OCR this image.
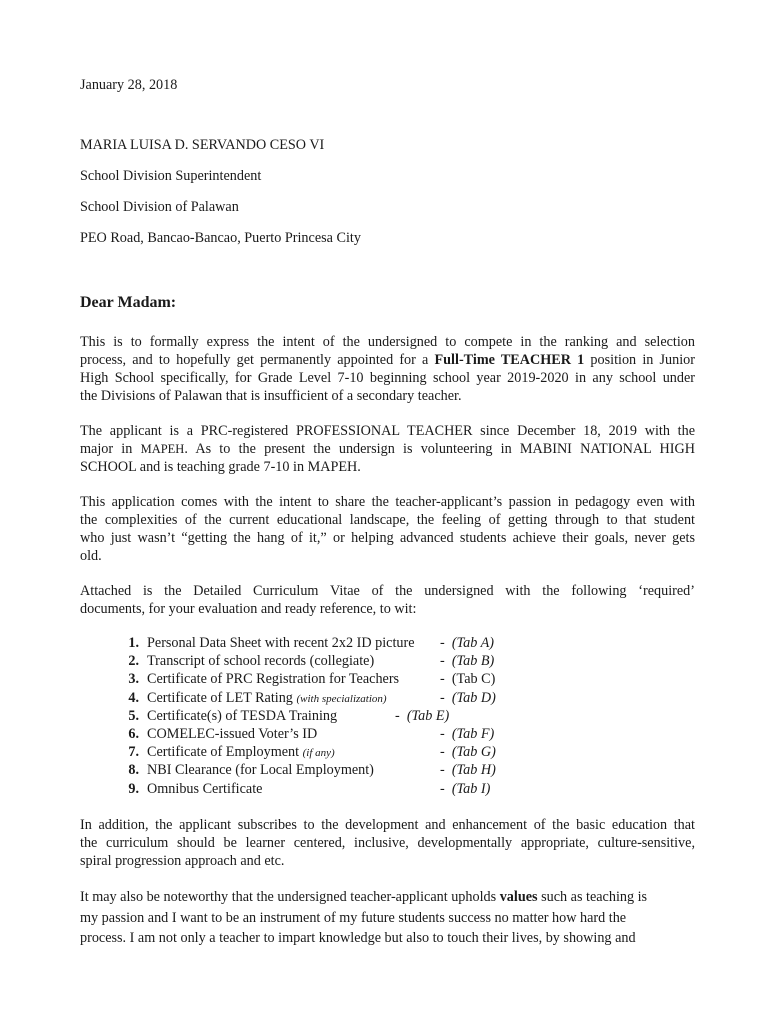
January 28, 2018
MARIA LUISA D. SERVANDO CESO VI
School Division Superintendent
School Division of Palawan
PEO Road, Bancao-Bancao, Puerto Princesa City
Dear Madam:
This is to formally express the intent of the undersigned to compete in the ranking and selection
process, and to hopefully get permanently appointed for a Full-Time TEACHER 1 position in Junior
High School specifically, for Grade Level 7-10 beginning school year 2019-2020 in any school under
the Divisions of Palawan that is insufficient of a secondary teacher.
The applicant is a PRC-registered PROFESSIONAL TEACHER since December 18, 2019 with the
major in MAPEH. As to the present the undersign is volunteering in MABINI NATIONAL HIGH
SCHOOL and is teaching grade 7-10 in MAPEH.
This application comes with the intent to share the teacher-applicant’s passion in pedagogy even with
the complexities of the current educational landscape, the feeling of getting through to that student
who just wasn’t “getting the hang of it,” or helping advanced students achieve their goals, never gets
old.
Attached is the Detailed Curriculum Vitae of the undersigned with the following ‘required’
documents, for your evaluation and ready reference, to wit:
1. Personal Data Sheet with recent 2x2 ID picture - (Tab A)
2. Transcript of school records (collegiate)	- (Tab B)
3. Certificate of PRC Registration for Teachers	- (Tab C)
4. Certificate of LET Rating (with specialization)	- (Tab D)
5. Certificate(s) of TESDA Training	- (Tab E)
6. COMELEC-issued Voter’s ID	- (Tab F)
7. Certificate of Employment (if any)	- (Tab G)
8. NBI Clearance (for Local Employment)	- (Tab H)
9. Omnibus Certificate	- (Tab I)
In addition, the applicant subscribes to the development and enhancement of the basic education that
the curriculum should be learner centered, inclusive, developmentally appropriate, culture-sensitive,
spiral progression approach and etc.
It may also be noteworthy that the undersigned teacher-applicant upholds values such as teaching is
my passion and I want to be an instrument of my future students success no matter how hard the
process. I am not only a teacher to impart knowledge but also to touch their lives, by showing and
